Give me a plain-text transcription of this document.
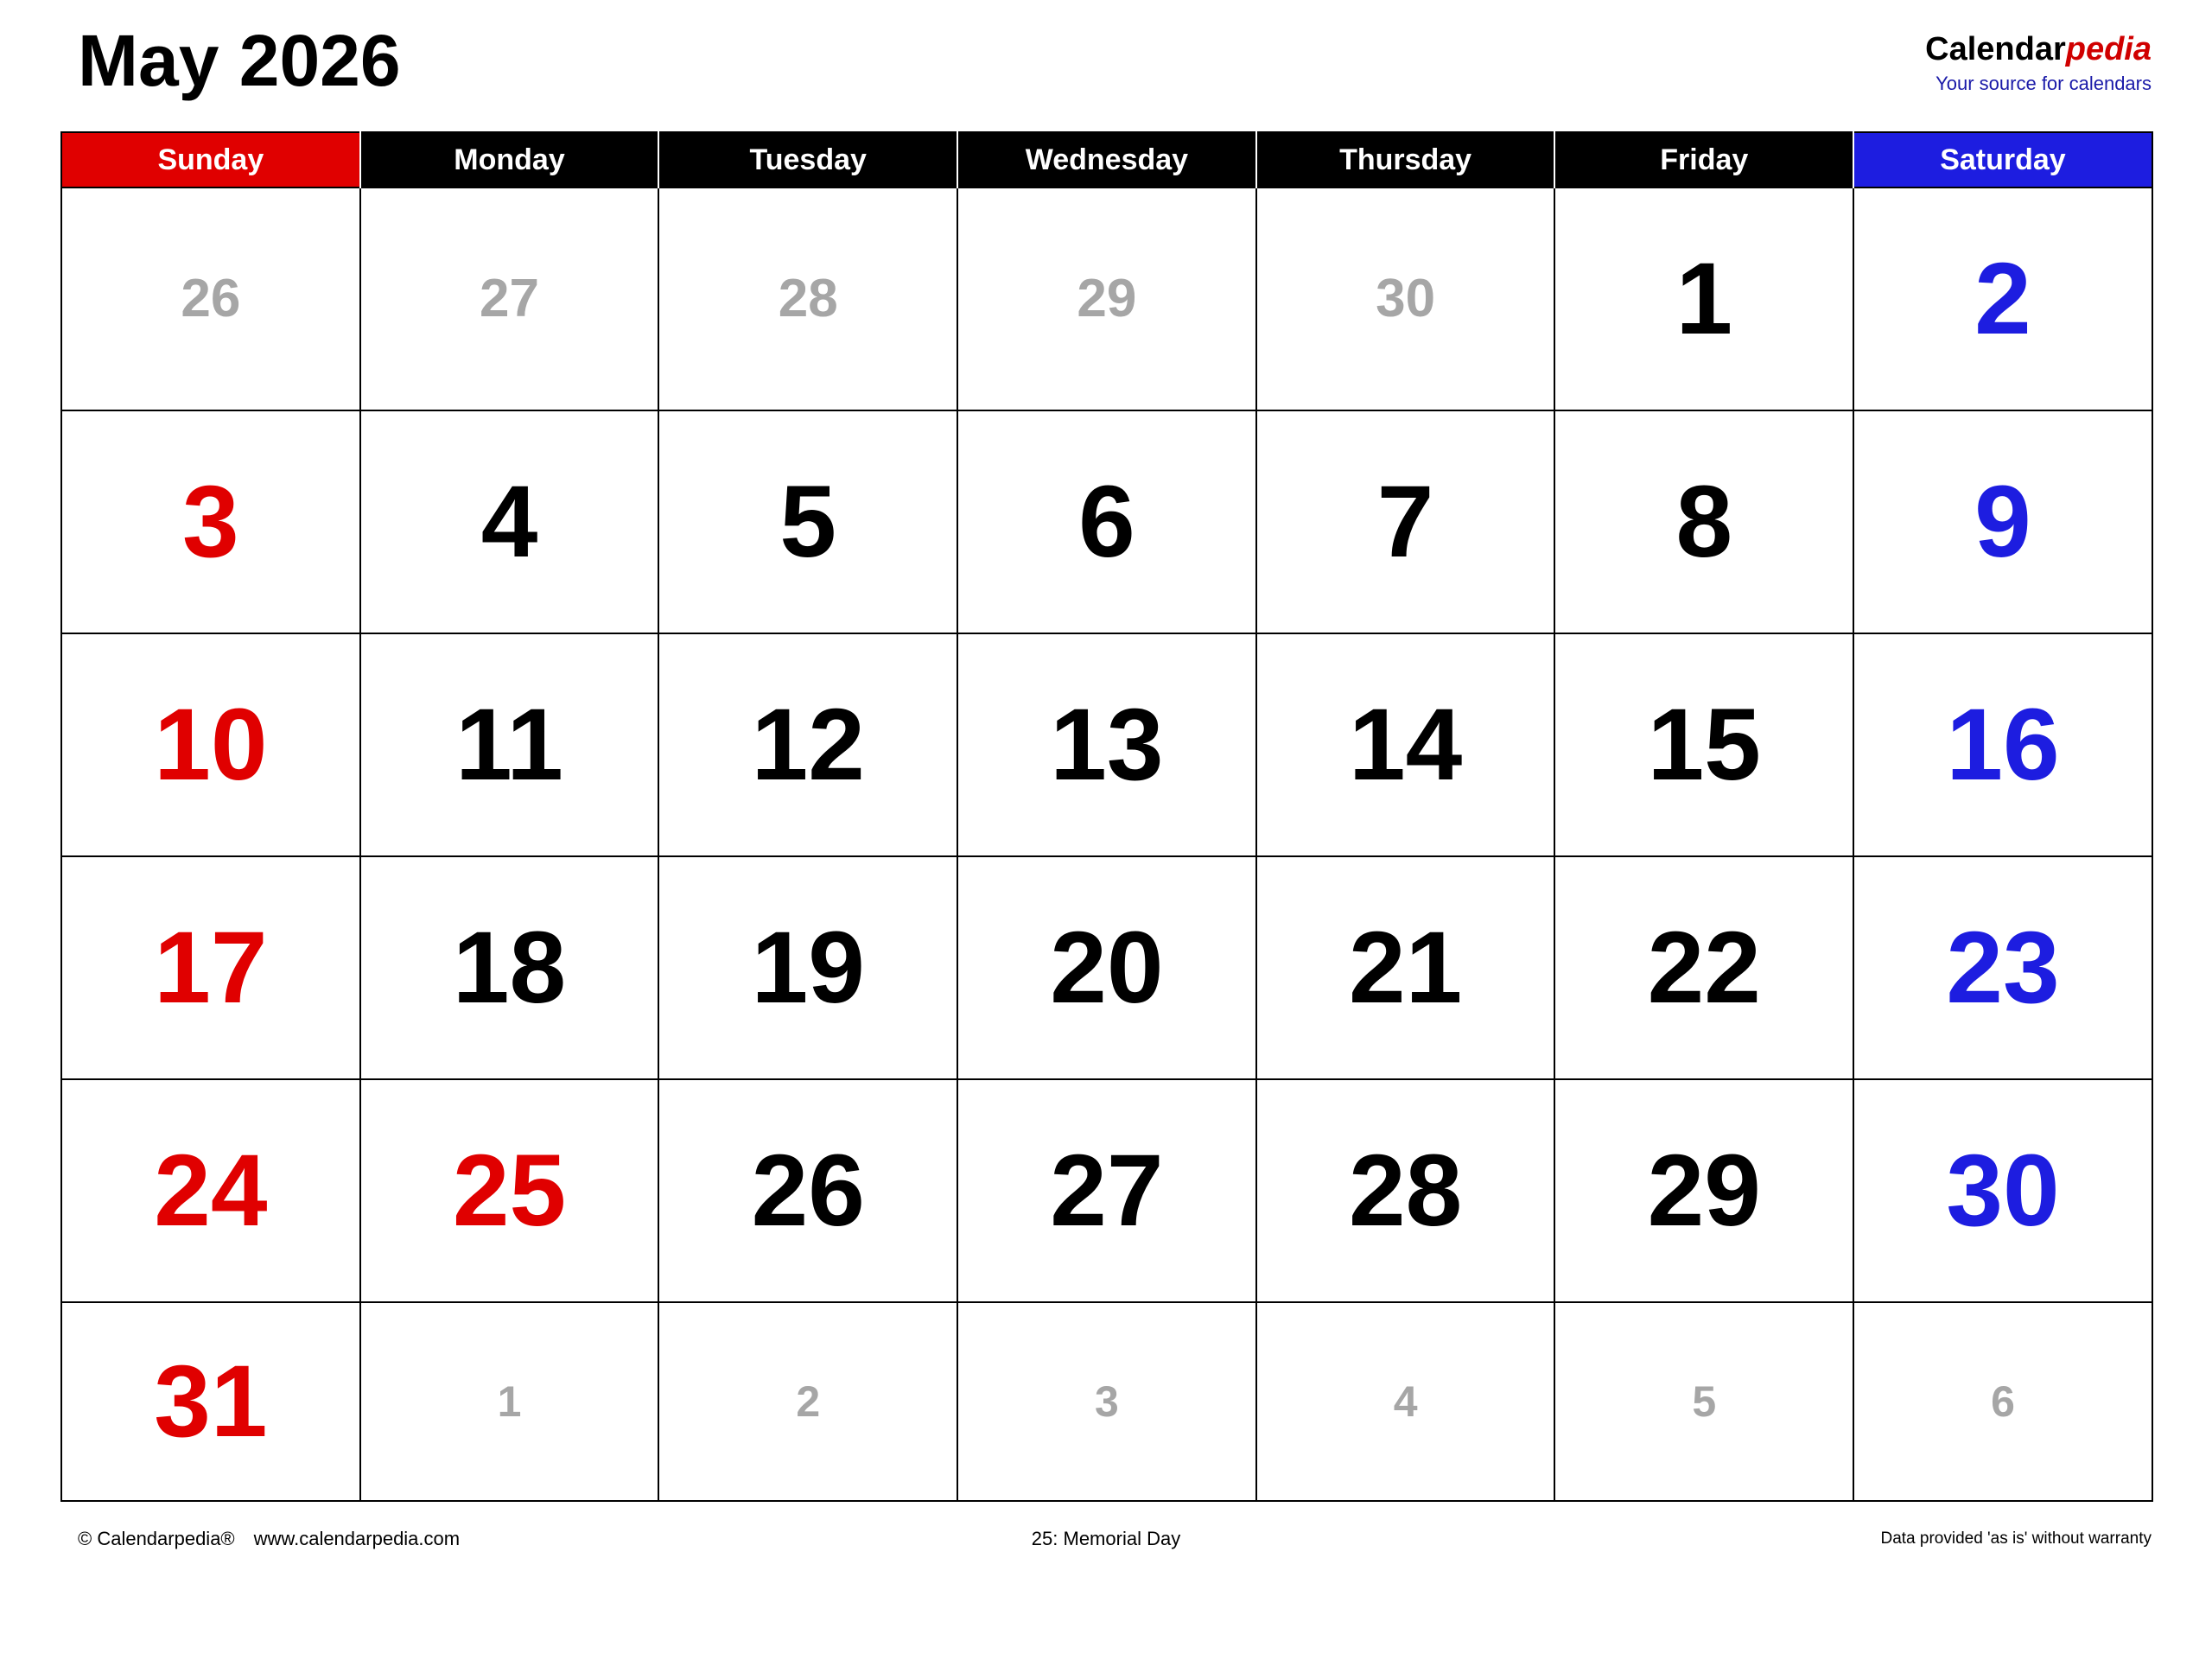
May 2026	Calendarpedia
Your source for calendars
Sunday	Monday	Tuesday	Wednesday	Thursday	Friday	Saturday

26	27	28	29	30	1	2

3	4	5	6	7	8	9

10	11	12	13	14	15	16

17	18	19	20	21	22	23

24	25	26	27	28	29	30

31	1	2	3	4	5	6
© Calendarpedia® www.calendarpedia.com	25: Memorial Day	Data provided 'as is' without warranty
